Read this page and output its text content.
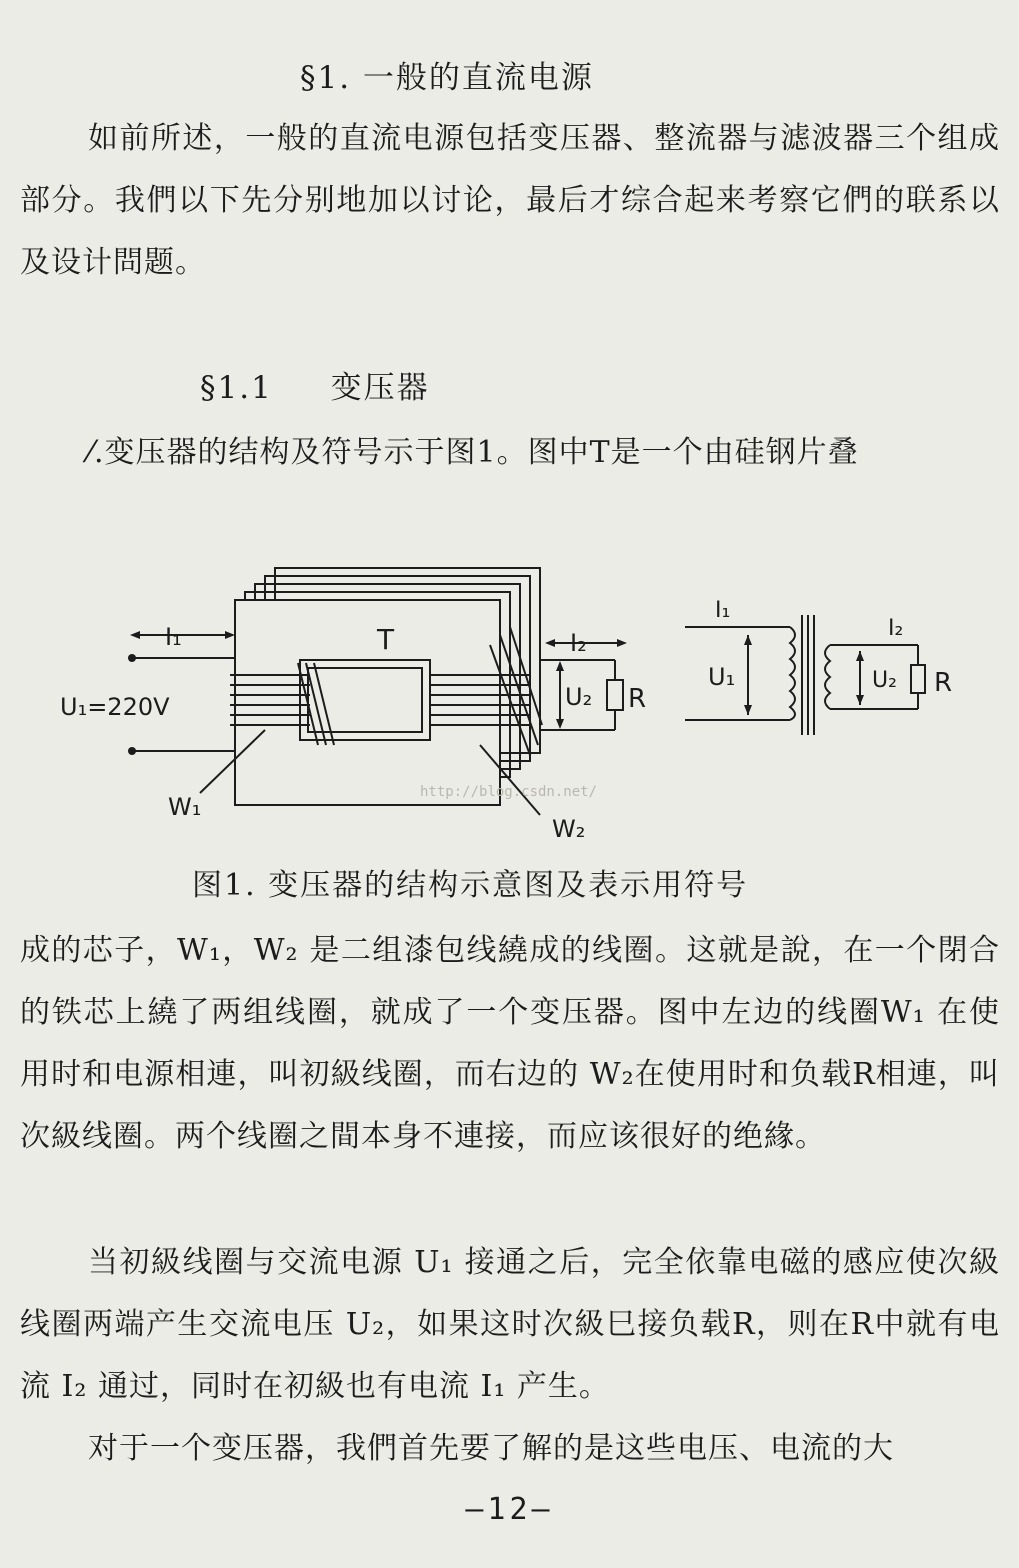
§1. 一般的直流电源

如前所述，一般的直流电源包括变压器、整流器与滤波器三个组成部分。我們以下先分别地加以讨论，最后才综合起来考察它們的联系以及设计問题。

§1.1 变压器

⁄.变压器的结构及符号示于图1。图中T是一个由硅钢片叠

T
I₁
U₁=220V
I₂
U₂ R
W₁
W₂
I₁
U₁
I₂
U₂ R
http://blog.csdn.net/
图1. 变压器的结构示意图及表示用符号

成的芯子，W₁，W₂ 是二组漆包线繞成的线圈。这就是說，在一个閉合的铁芯上繞了两组线圈，就成了一个变压器。图中左边的线圈W₁ 在使用时和电源相連，叫初級线圈，而右边的 W₂在使用时和负载R相連，叫次級线圈。两个线圈之間本身不連接，而应该很好的绝緣。

当初級线圈与交流电源 U₁ 接通之后，完全依靠电磁的感应使次級线圈两端产生交流电压 U₂，如果这时次級巳接负载R，则在R中就有电流 I₂ 通过，同时在初級也有电流 I₁ 产生。

对于一个变压器，我們首先要了解的是这些电压、电流的大

—12—
